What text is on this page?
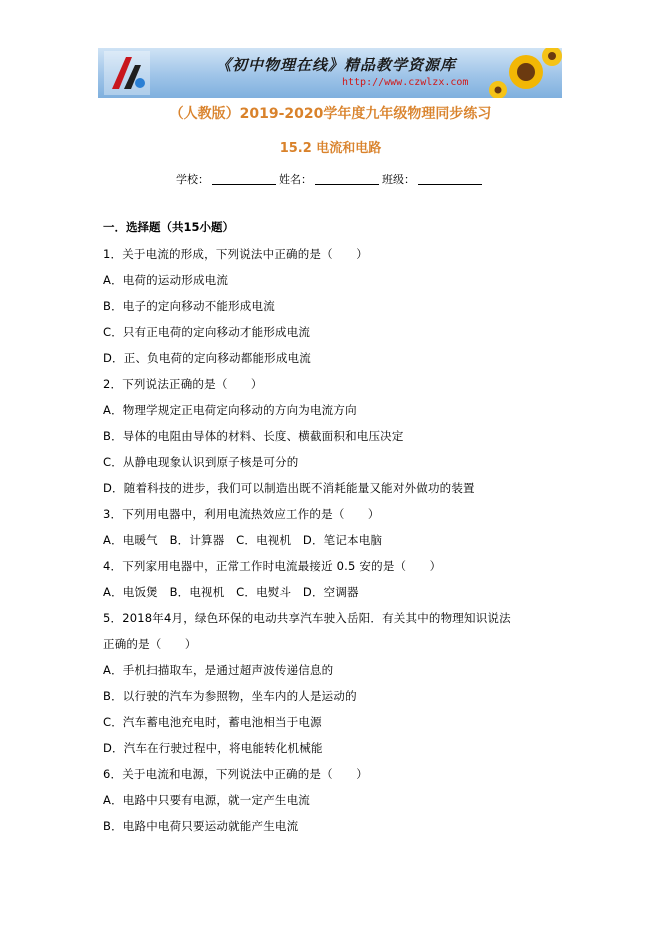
《初中物理在线》精品教学资源库
http://www.czwlzx.com
（人教版）2019-2020学年度九年级物理同步练习
15.2 电流和电路
学校：	姓名：	班级：
一．选择题（共15小题）
1．关于电流的形成，下列说法中正确的是（　　）
A．电荷的运动形成电流
B．电子的定向移动不能形成电流
C．只有正电荷的定向移动才能形成电流
D．正、负电荷的定向移动都能形成电流
2．下列说法正确的是（　　）
A．物理学规定正电荷定向移动的方向为电流方向
B．导体的电阻由导体的材料、长度、横截面积和电压决定
C．从静电现象认识到原子核是可分的
D．随着科技的进步，我们可以制造出既不消耗能量又能对外做功的装置
3．下列用电器中，利用电流热效应工作的是（　　）
A．电暖气　B．计算器　C．电视机　D．笔记本电脑
4．下列家用电器中，正常工作时电流最接近 0.5 安的是（　　）
A．电饭煲　B．电视机　C．电熨斗　D．空调器
5．2018年4月，绿色环保的电动共享汽车驶入岳阳．有关其中的物理知识说法
正确的是（　　）
A．手机扫描取车，是通过超声波传递信息的
B．以行驶的汽车为参照物，坐车内的人是运动的
C．汽车蓄电池充电时，蓄电池相当于电源
D．汽车在行驶过程中，将电能转化机械能
6．关于电流和电源，下列说法中正确的是（　　）
A．电路中只要有电源，就一定产生电流
B．电路中电荷只要运动就能产生电流
